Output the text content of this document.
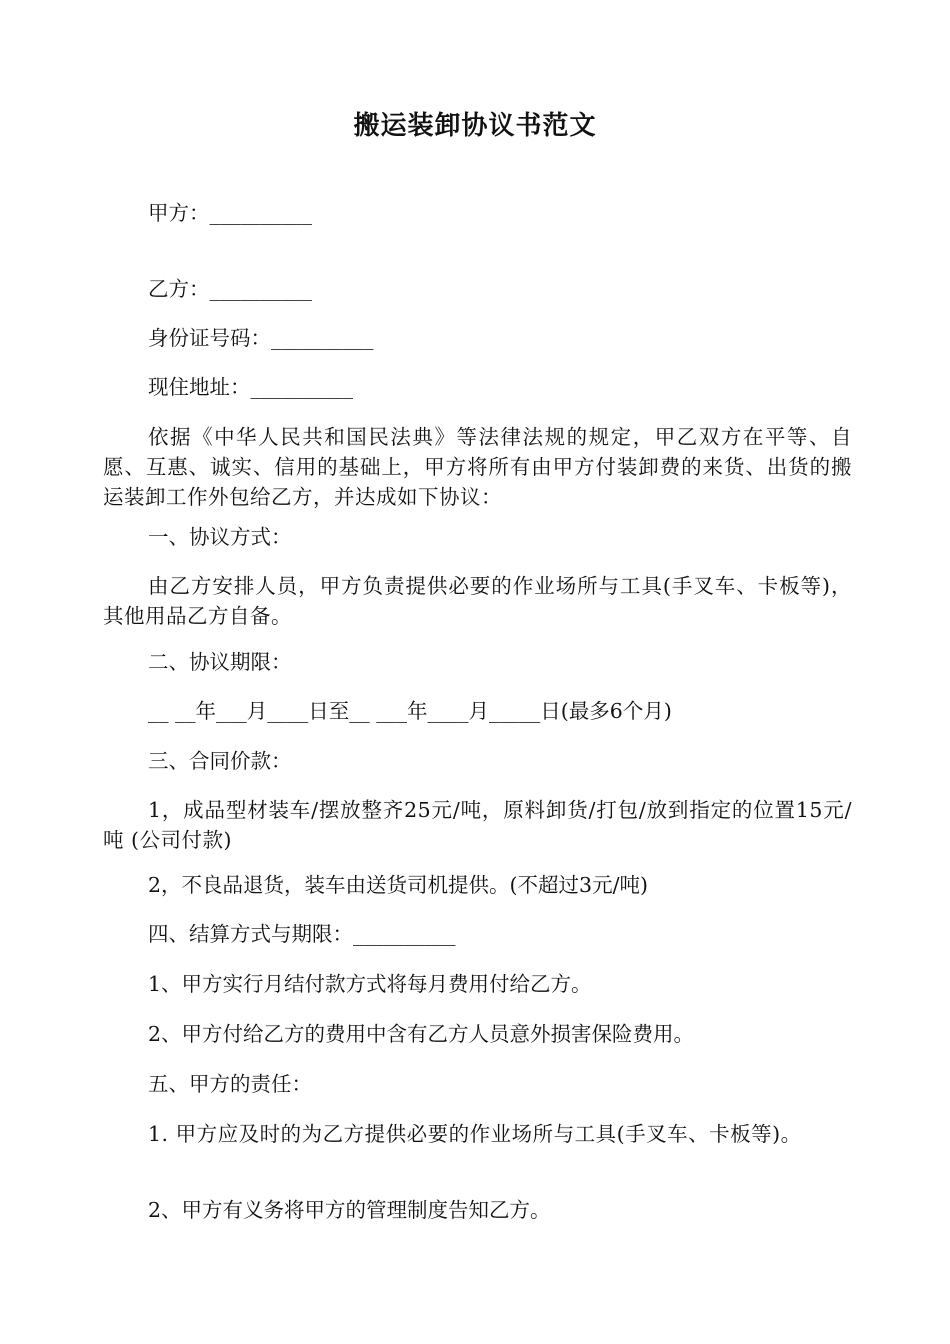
搬运装卸协议书范文
甲方：__________
乙方：__________
身份证号码：__________
现住地址：__________
依据《中华人民共和国民法典》等法律法规的规定，甲乙双方在平等、自愿、互惠、诚实、信用的基础上，甲方将所有由甲方付装卸费的来货、出货的搬运装卸工作外包给乙方，并达成如下协议：
一、协议方式：
由乙方安排人员，甲方负责提供必要的作业场所与工具(手叉车、卡板等)，其他用品乙方自备。
二、协议期限：
__ __年___月____日至__ ___年____月_____日(最多6个月)
三、合同价款：
1，成品型材装车/摆放整齐25元/吨，原料卸货/打包/放到指定的位置15元/吨 (公司付款)
2，不良品退货，装车由送货司机提供。(不超过3元/吨)
四、结算方式与期限：__________
1、甲方实行月结付款方式将每月费用付给乙方。
2、甲方付给乙方的费用中含有乙方人员意外损害保险费用。
五、甲方的责任：
1. 甲方应及时的为乙方提供必要的作业场所与工具(手叉车、卡板等)。
2、甲方有义务将甲方的管理制度告知乙方。
